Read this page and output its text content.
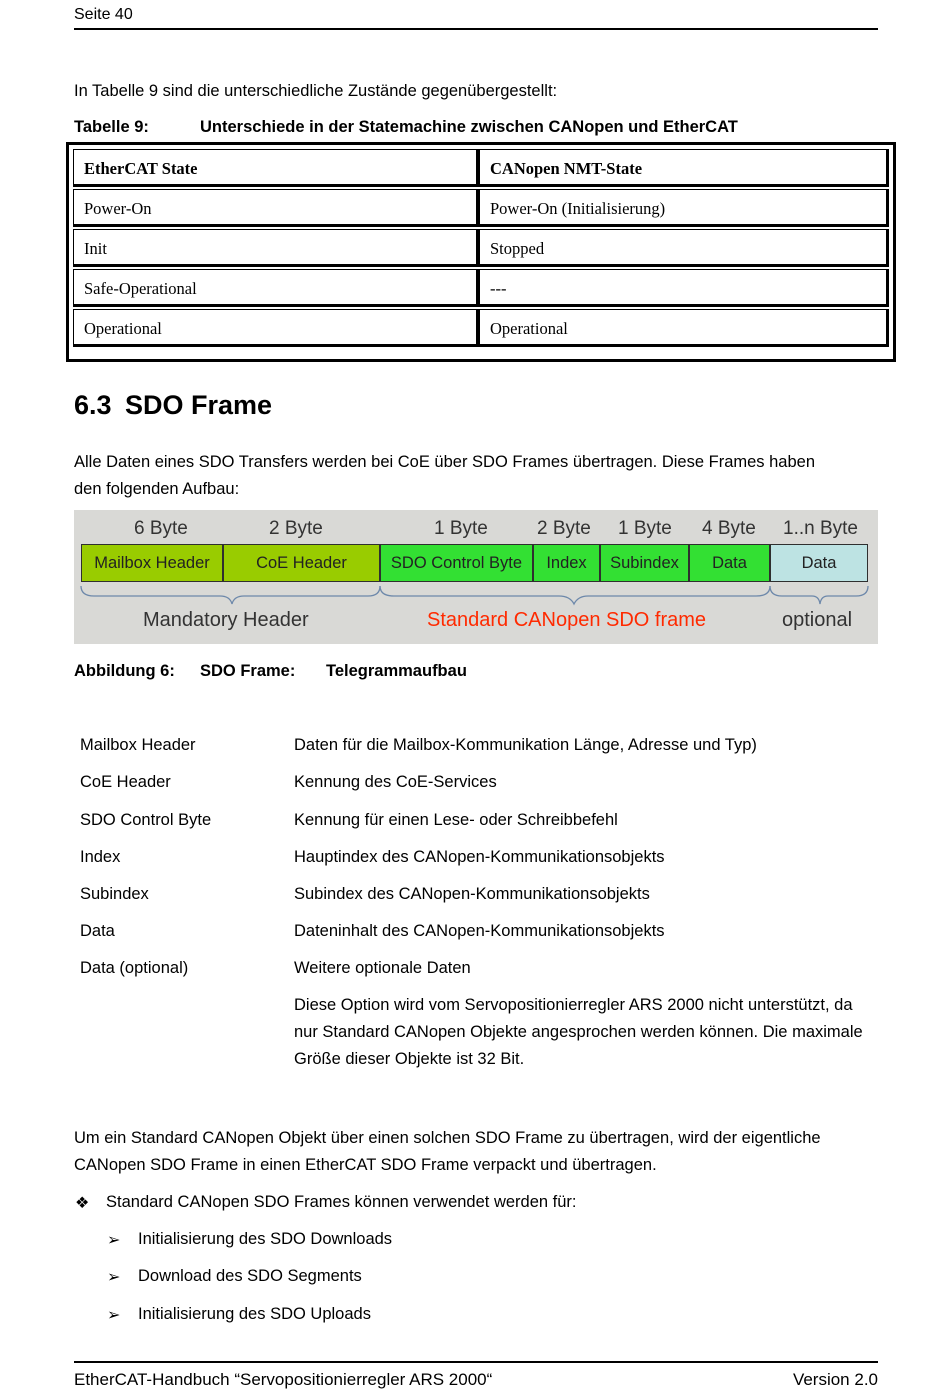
Seite 40
In Tabelle 9 sind die unterschiedliche Zustände gegenübergestellt:
Tabelle 9:	Unterschiede in der Statemachine zwischen CANopen und EtherCAT
EtherCAT State	CANopen NMT-State
Power-On	Power-On (Initialisierung)
Init	Stopped
Safe-Operational	---
Operational	Operational
6.3 SDO Frame
Alle Daten eines SDO Transfers werden bei CoE über SDO Frames übertragen. Diese Frames haben
den folgenden Aufbau:
6 Byte	2 Byte	1 Byte	2 Byte 1 Byte 4 Byte 1..n Byte
Mailbox Header	CoE Header	SDO Control Byte	Index	Subindex	Data	Data
Mandatory Header	Standard CANopen SDO frame	optional
Abbildung 6: SDO Frame: Telegrammaufbau
Mailbox Header	Daten für die Mailbox-Kommunikation Länge, Adresse und Typ)
CoE Header	Kennung des CoE-Services
SDO Control Byte	Kennung für einen Lese- oder Schreibbefehl
Index	Hauptindex des CANopen-Kommunikationsobjekts
Subindex	Subindex des CANopen-Kommunikationsobjekts
Data	Dateninhalt des CANopen-Kommunikationsobjekts
Data (optional)	Weitere optionale Daten
Diese Option wird vom Servopositionierregler ARS 2000 nicht unterstützt, da nur Standard CANopen Objekte angesprochen werden können. Die maximale Größe dieser Objekte ist 32 Bit.
Um ein Standard CANopen Objekt über einen solchen SDO Frame zu übertragen, wird der eigentliche
CANopen SDO Frame in einen EtherCAT SDO Frame verpackt und übertragen.
❖ Standard CANopen SDO Frames können verwendet werden für:
➢ Initialisierung des SDO Downloads
➢ Download des SDO Segments
➢ Initialisierung des SDO Uploads
EtherCAT-Handbuch “Servopositionierregler ARS 2000“	Version 2.0
